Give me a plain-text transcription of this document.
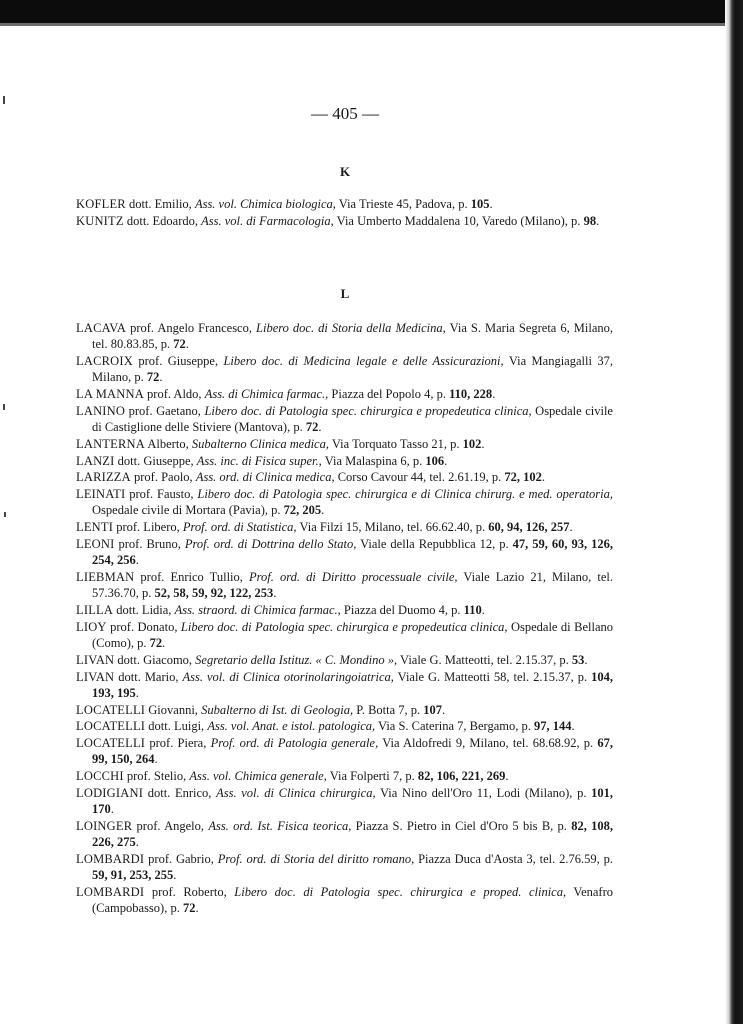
— 405 —
K
KOFLER dott. Emilio, Ass. vol. Chimica biologica, Via Trieste 45, Padova, p. 105.
KUNITZ dott. Edoardo, Ass. vol. di Farmacologia, Via Umberto Maddalena 10, Varedo (Milano), p. 98.
L
LACAVA prof. Angelo Francesco, Libero doc. di Storia della Medicina, Via S. Maria Segreta 6, Milano, tel. 80.83.85, p. 72.
LACROIX prof. Giuseppe, Libero doc. di Medicina legale e delle Assicurazioni, Via Mangiagalli 37, Milano, p. 72.
LA MANNA prof. Aldo, Ass. di Chimica farmac., Piazza del Popolo 4, p. 110, 228.
LANINO prof. Gaetano, Libero doc. di Patologia spec. chirurgica e propedeutica clinica, Ospedale civile di Castiglione delle Stiviere (Mantova), p. 72.
LANTERNA Alberto, Subalterno Clinica medica, Via Torquato Tasso 21, p. 102.
LANZI dott. Giuseppe, Ass. inc. di Fisica super., Via Malaspina 6, p. 106.
LARIZZA prof. Paolo, Ass. ord. di Clinica medica, Corso Cavour 44, tel. 2.61.19, p. 72, 102.
LEINATI prof. Fausto, Libero doc. di Patologia spec. chirurgica e di Clinica chirurg. e med. operatoria, Ospedale civile di Mortara (Pavia), p. 72, 205.
LENTI prof. Libero, Prof. ord. di Statistica, Via Filzi 15, Milano, tel. 66.62.40, p. 60, 94, 126, 257.
LEONI prof. Bruno, Prof. ord. di Dottrina dello Stato, Viale della Repubblica 12, p. 47, 59, 60, 93, 126, 254, 256.
LIEBMAN prof. Enrico Tullio, Prof. ord. di Diritto processuale civile, Viale Lazio 21, Milano, tel. 57.36.70, p. 52, 58, 59, 92, 122, 253.
LILLA dott. Lidia, Ass. straord. di Chimica farmac., Piazza del Duomo 4, p. 110.
LIOY prof. Donato, Libero doc. di Patologia spec. chirurgica e propedeutica clinica, Ospedale di Bellano (Como), p. 72.
LIVAN dott. Giacomo, Segretario della Istituz. « C. Mondino », Viale G. Matteotti, tel. 2.15.37, p. 53.
LIVAN dott. Mario, Ass. vol. di Clinica otorinolaringoiatrica, Viale G. Matteotti 58, tel. 2.15.37, p. 104, 193, 195.
LOCATELLI Giovanni, Subalterno di Ist. di Geologia, P. Botta 7, p. 107.
LOCATELLI dott. Luigi, Ass. vol. Anat. e istol. patologica, Via S. Caterina 7, Bergamo, p. 97, 144.
LOCATELLI prof. Piera, Prof. ord. di Patologia generale, Via Aldofredi 9, Milano, tel. 68.68.92, p. 67, 99, 150, 264.
LOCCHI prof. Stelio, Ass. vol. Chimica generale, Via Folperti 7, p. 82, 106, 221, 269.
LODIGIANI dott. Enrico, Ass. vol. di Clinica chirurgica, Via Nino dell'Oro 11, Lodi (Milano), p. 101, 170.
LOINGER prof. Angelo, Ass. ord. Ist. Fisica teorica, Piazza S. Pietro in Ciel d'Oro 5 bis B, p. 82, 108, 226, 275.
LOMBARDI prof. Gabrio, Prof. ord. di Storia del diritto romano, Piazza Duca d'Aosta 3, tel. 2.76.59, p. 59, 91, 253, 255.
LOMBARDI prof. Roberto, Libero doc. di Patologia spec. chirurgica e proped. clinica, Venafro (Campobasso), p. 72.
